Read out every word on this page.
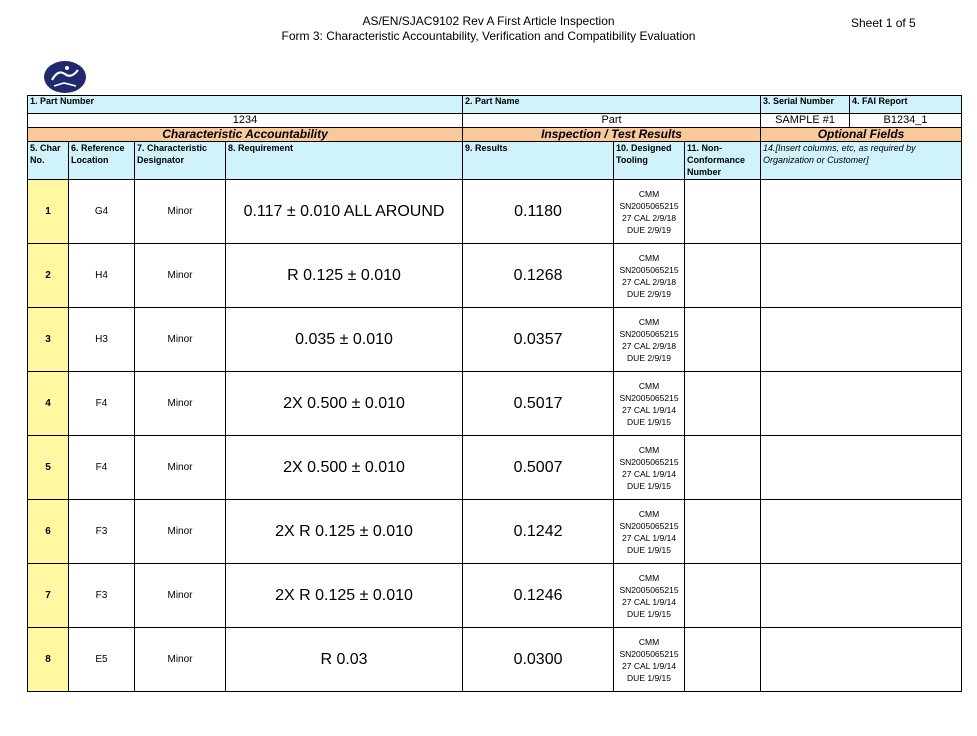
AS/EN/SJAC9102 Rev A First Article Inspection
Form 3: Characteristic Accountability, Verification and Compatibility Evaluation
Sheet 1 of 5
1. Part Number				2. Part Name			3. Serial Number	4. FAI Report
1234				Part			SAMPLE #1	B1234_1
Characteristic Accountability				Inspection / Test Results			Optional Fields	
5. Char No.	6. Reference Location	7. Characteristic Designator	8. Requirement	9. Results	10. Designed Tooling	11. Non-Conformance Number	14.[Insert columns, etc, as required by Organization or Customer]	
1	G4	Minor	0.117 ± 0.010 ALL AROUND	0.1180	CMM
SN2005065215
27 CAL 2/9/18
DUE 2/9/19			

2	H4	Minor	R 0.125 ± 0.010	0.1268	CMM
SN2005065215
27 CAL 2/9/18
DUE 2/9/19			

3	H3	Minor	0.035 ± 0.010	0.0357	CMM
SN2005065215
27 CAL 2/9/18
DUE 2/9/19			

4	F4	Minor	2X 0.500 ± 0.010	0.5017	CMM
SN2005065215
27 CAL 1/9/14
DUE 1/9/15			

5	F4	Minor	2X 0.500 ± 0.010	0.5007	CMM
SN2005065215
27 CAL 1/9/14
DUE 1/9/15			

6	F3	Minor	2X R 0.125 ± 0.010	0.1242	CMM
SN2005065215
27 CAL 1/9/14
DUE 1/9/15			

7	F3	Minor	2X R 0.125 ± 0.010	0.1246	CMM
SN2005065215
27 CAL 1/9/14
DUE 1/9/15			

8	E5	Minor	R 0.03	0.0300	CMM
SN2005065215
27 CAL 1/9/14
DUE 1/9/15			
